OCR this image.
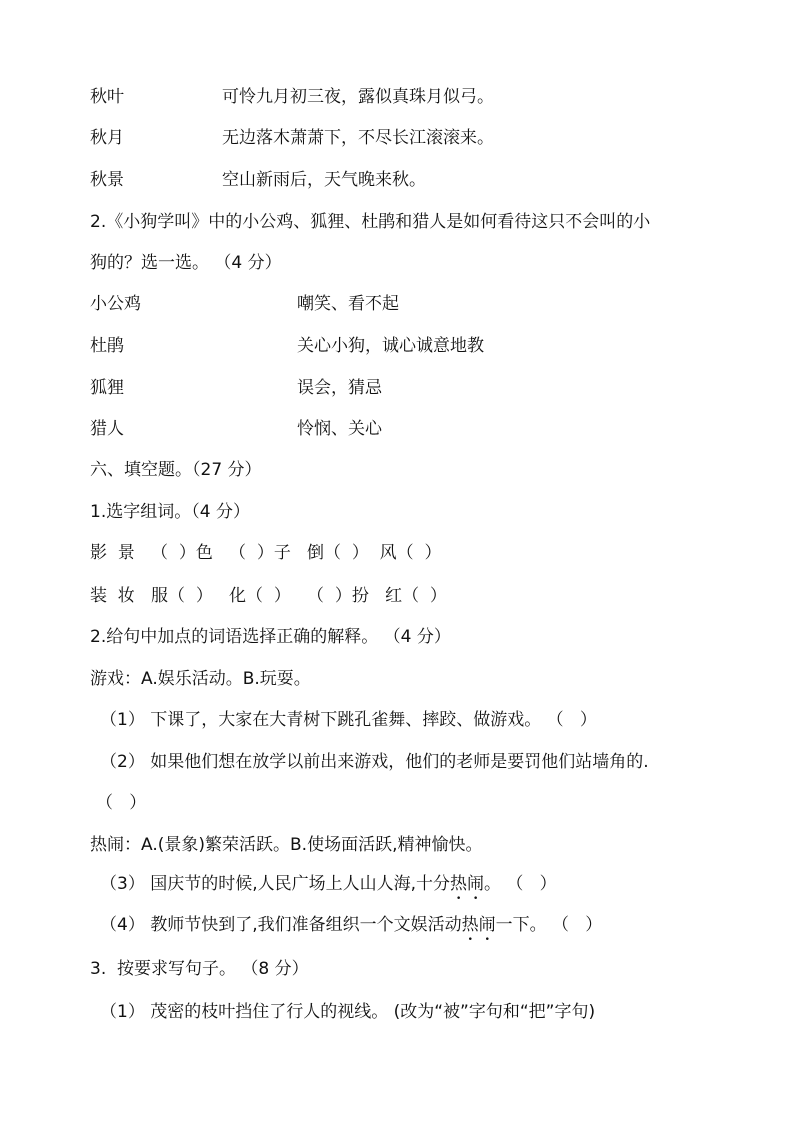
秋叶	可怜九月初三夜，露似真珠月似弓。
秋月	无边落木萧萧下，不尽长江滚滚来。
秋景	空山新雨后，天气晚来秋。
2.《小狗学叫》中的小公鸡、狐狸、杜鹃和猎人是如何看待这只不会叫的小
狗的？选一选。 （4 分）
小公鸡	嘲笑、看不起
杜鹃	关心小狗，诚心诚意地教
狐狸	误会，猜忌
猎人	怜悯、关心
六、填空题。（27 分）
1.选字组词。（4 分）
影  景   （  ）色   （  ）子   倒（  ）  风（  ）
装  妆   服（  ）   化（  ）   （  ）扮   红（  ）
2.给句中加点的词语选择正确的解释。 （4 分）
游戏：A.娱乐活动。B.玩耍。
（1） 下课了，大家在大青树下跳孔雀舞、摔跤、做游戏。 （   ）
（2） 如果他们想在放学以前出来游戏，他们的老师是要罚他们站墙角的.
（   ）
热闹：A.(景象)繁荣活跃。B.使场面活跃,精神愉快。
（3） 国庆节的时候,人民广场上人山人海,十分热闹。 （   ）
（4） 教师节快到了,我们准备组织一个文娱活动热闹一下。 （   ）
3.  按要求写句子。 （8 分）
（1） 茂密的枝叶挡住了行人的视线。 (改为“被”字句和“把”字句)
